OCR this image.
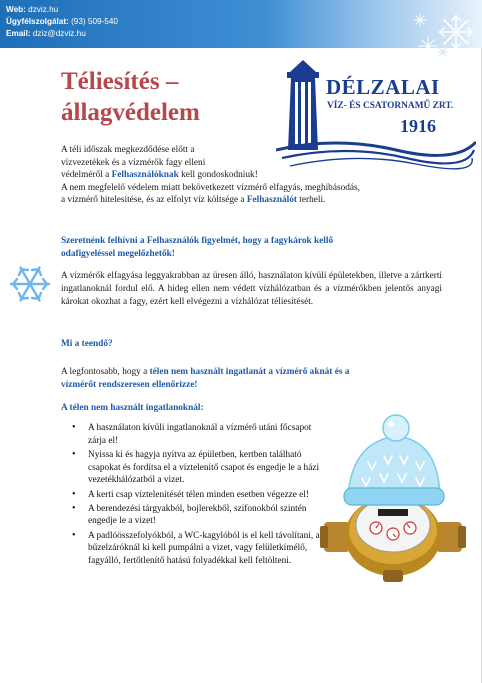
Web: dzviz.hu
Ügyfélszolgálat: (93) 509-540
Email: dziz@dzviz.hu
Téliesítés –
állagvédelem
DÉLZALAI
VÍZ- ÉS CSATORNAMŰ ZRT.
1916
A téli időszak megkezdődése előtt a
vízvezetékek és a vízmérők fagy elleni
védelméről a Felhasználóknak kell gondoskodniuk!
A nem megfelelő védelem miatt bekövetkezett vízmérő elfagyás, meghibásodás,
a vízmérő hitelesítése, és az elfolyt víz költsége a Felhasználót terheli.
Szeretnénk felhívni a Felhasználók figyelmét, hogy a fagykárok kellő
odafigyeléssel megelőzhetők!
A vízmérők elfagyása leggyakrabban az üresen álló, használaton kívüli épületekben, illetve a zártkerti ingatlanoknál fordul elő. A hideg ellen nem védett vízhálózatban és a vízmérőkben jelentős anyagi károkat okozhat a fagy, ezért kell elvégezni a vízhálózat téliesítését.
Mi a teendő?
A legfontosabb, hogy a télen nem használt ingatlanát a vízmérő aknát és a
vízmérőt rendszeresen ellenőrizze!
A télen nem használt ingatlanoknál:
• A használaton kívüli ingatlanoknál a vízmérő utáni főcsapot zárja el!
• Nyissa ki és hagyja nyitva az épületben, kertben található csapokat és fordítsa el a víztelenítő csapot és engedje le a házi vezetékhálózatból a vizet.
• A kerti csap víztelenítését télen minden esetben végezze el!
• A berendezési tárgyakból, bojlerekből, szifonokból szintén engedje le a vizet!
• A padlóösszefolyókból, a WC-kagylóból is el kell távolítani, a bűzelzáróknál ki kell pumpálni a vizet, vagy felületkímélő, fagyálló, fertőtlenítő hatású folyadékkal kell feltölteni.
